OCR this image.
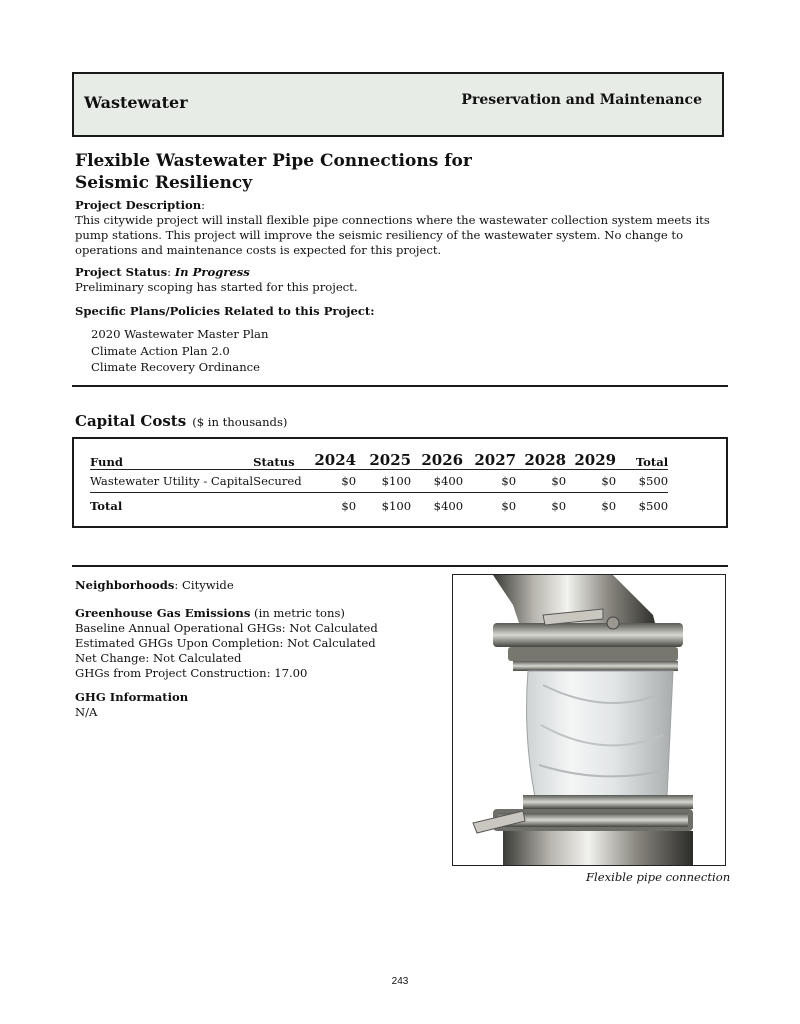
Wastewater	Preservation and Maintenance
Flexible Wastewater Pipe Connections for Seismic Resiliency
Project Description:
This citywide project will install flexible pipe connections where the wastewater collection system meets its pump stations. This project will improve the seismic resiliency of the wastewater system. No change to operations and maintenance costs is expected for this project.
Project Status: In Progress
Preliminary scoping has started for this project.
Specific Plans/Policies Related to this Project:
2020 Wastewater Master Plan
Climate Action Plan 2.0
Climate Recovery Ordinance
Capital Costs ($ in thousands)
Fund	Status	2024	2025	2026	2027	2028	2029	Total
Wastewater Utility - Capital	Secured	$0	$100	$400	$0	$0	$0	$500
Total		$0	$100	$400	$0	$0	$0	$500

Neighborhoods: Citywide

Greenhouse Gas Emissions (in metric tons)

Baseline Annual Operational GHGs: Not Calculated

Estimated GHGs Upon Completion: Not Calculated

Net Change: Not Calculated

GHGs from Project Construction: 17.00

GHG Information

N/A

Flexible pipe connection
243
